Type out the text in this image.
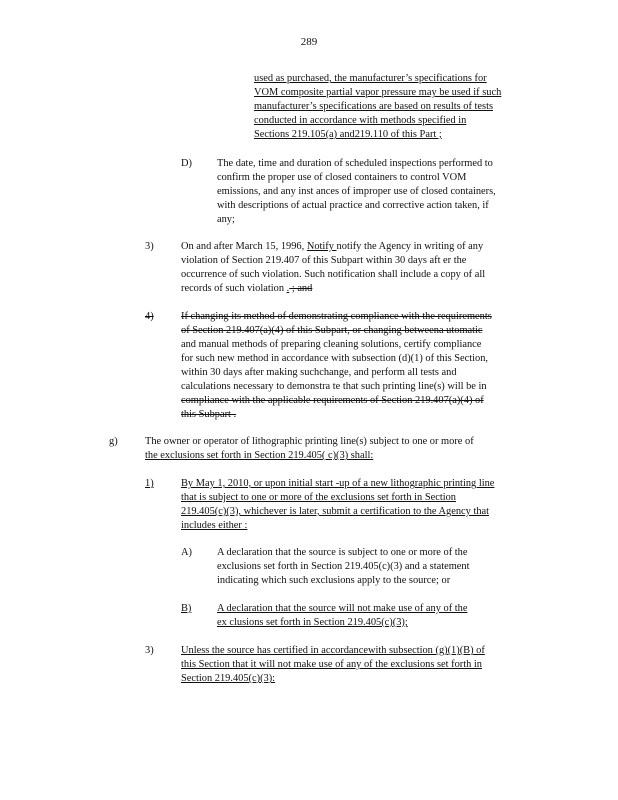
289
used as purchased, the manufacturer’s specifications for
VOM composite partial vapor pressure may be used if such
manufacturer’s specifications are based on results of tests
conducted in accordance with methods specified in
Sections 219.105(a) and219.110 of this Part ;
D) The date, time and duration of scheduled inspections performed to
confirm the proper use of closed containers to control VOM
emissions, and any inst ances of improper use of closed containers,
with descriptions of actual practice and corrective action taken, if
any;
3)	On and after March 15, 1996, Notify notify the Agency in writing of any
violation of Section 219.407 of this Subpart within 30 days aft er the
occurrence of such violation. Such notification shall include a copy of all
records of such violation . ; and
4)	If changing its method of demonstrating compliance with the requirements
of Section 219.407(a)(4) of this Subpart, or changing betweena utomatic
and manual methods of preparing cleaning solutions, certify compliance
for such new method in accordance with subsection (d)(1) of this Section,
within 30 days after making suchchange, and perform all tests and
calculations necessary to demonstra te that such printing line(s) will be in
compliance with the applicable requirements of Section 219.407(a)(4) of
this Subpart .
g)	The owner or operator of lithographic printing line(s) subject to one or more of
the exclusions set forth in Section 219.405( c)(3) shall:
1)	By May 1, 2010, or upon initial start -up of a new lithographic printing line
that is subject to one or more of the exclusions set forth in Section
219.405(c)(3), whichever is later, submit a certification to the Agency that
includes either :
A) A declaration that the source is subject to one or more of the
exclusions set forth in Section 219.405(c)(3) and a statement
indicating which such exclusions apply to the source; or
B) A declaration that the source will not make use of any of the
ex clusions set forth in Section 219.405(c)(3);
3)	Unless the source has certified in accordancewith subsection (g)(1)(B) of
this Section that it will not make use of any of the exclusions set forth in
Section 219.405(c)(3):
